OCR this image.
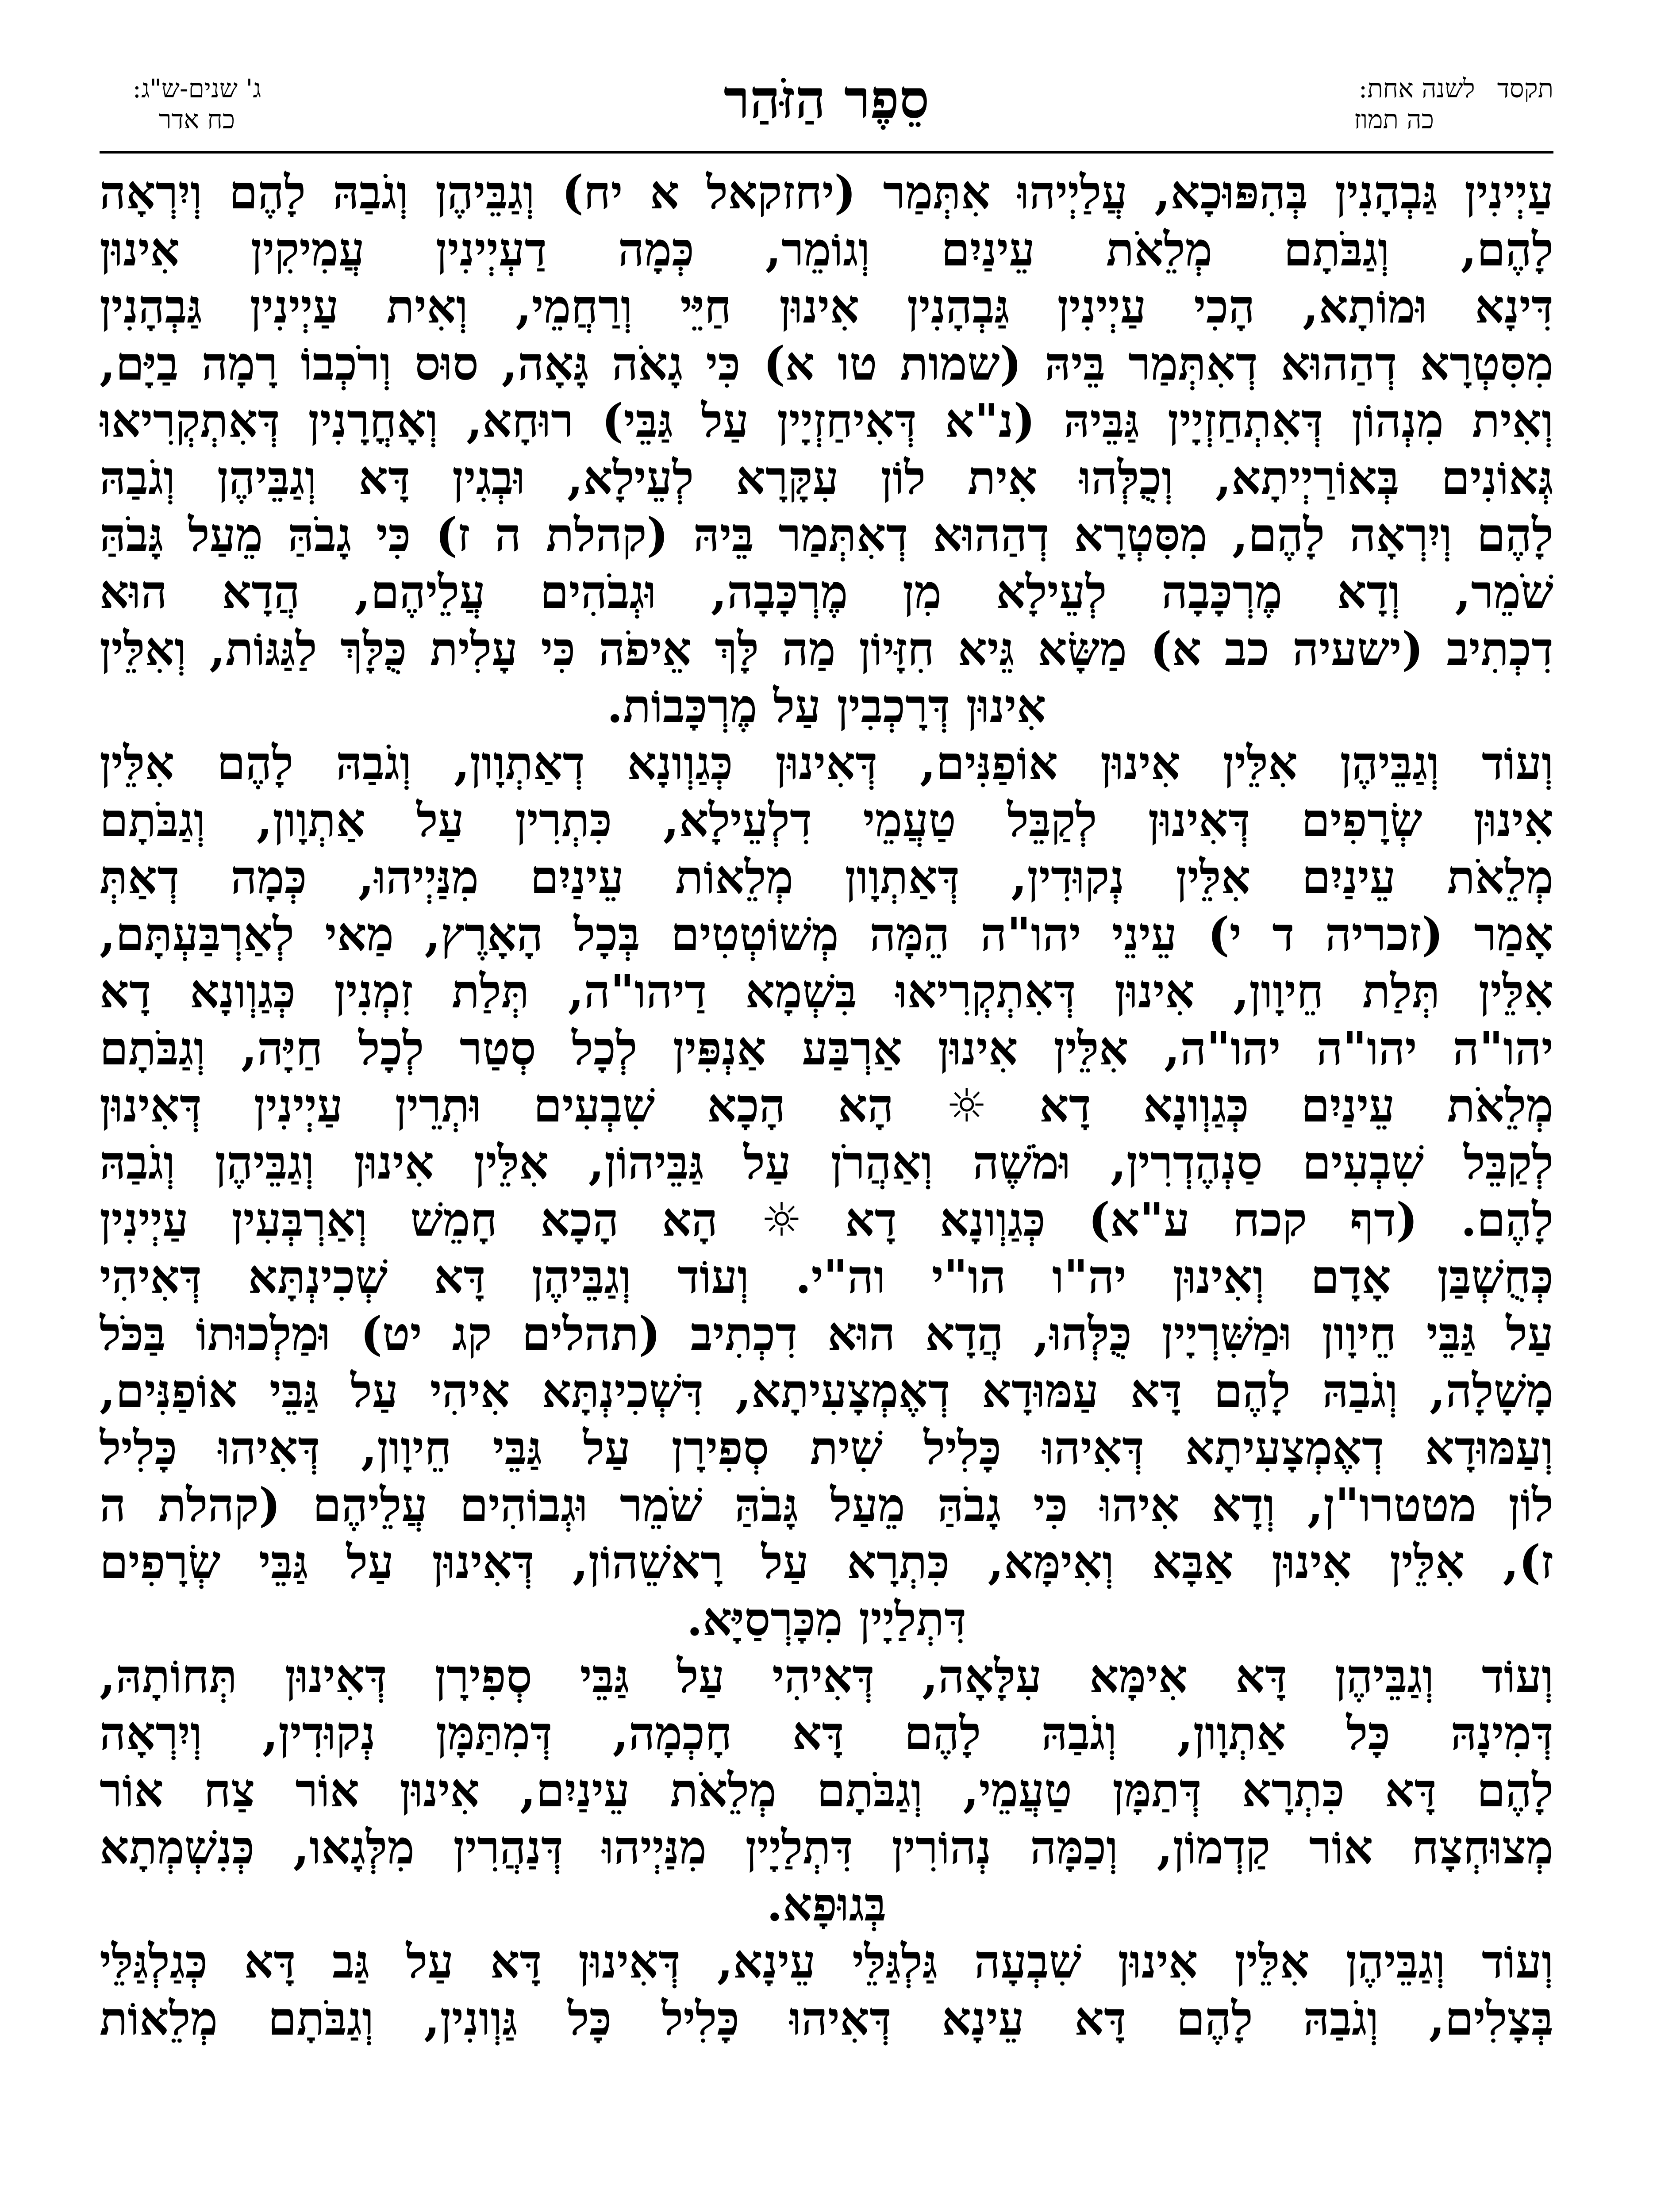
תקסד
לשנה אחת:
כה תמוז
סֵפֶר הַזֹּהַר
ג' שנים-ש"ג:
כח אדר
עַיְינִין גַּבְהָנִין בְּהִפּוּכָא, עֲלַיְיהוּ אִתְּמַר (יחזקאל א יח) וְגַבֵּיהֶן וְגֹבַהּ לָהֶם וְיִרְאָה
לָהֶם, וְגַבֹּתָם מְלֵאֹת עֵינַיִם וְגוֹמֵר, כְּמָה דַעְיְינִין עֲמִיקִין אִינוּן
דִּינָא וּמוֹתָא, הָכִי עַיְינִין גַּבְהָנִין אִינוּן חַיֵּי וְרַחֲמֵי, וְאִית עַיְינִין גַּבְהָנִין
מִסִּטְרָא דְהַהוּא דְאִתְּמַר בֵּיהּ (שמות טו א) כִּי גָאֹה גָּאָה, סוּס וְרֹכְבוֹ רָמָה בַיָּם,
וְאִית מִנְהוֹן דְּאִתְחַזְיָין גַּבֵּיהּ (נ"א דְּאִיחַזְיָין עַל גַּבֵּי) רוּחָא, וְאָחֳרָנִין דְּאִתְקְרִיאוּ
גְּאוֹנִים בְּאוֹרַיְיתָא, וְכֻלְּהוּ אִית לוֹן עִקָּרָא לְעֵילָא, וּבְגִין דָּא וְגַבֵּיהֶן וְגֹבַהּ
לָהֶם וְיִרְאָה לָהֶם, מִסִּטְרָא דְהַהוּא דְאִתְּמַר בֵּיהּ (קהלת ה ז) כִּי גָבֹהַּ מֵעַל גָּבֹהַּ
שֹׁמֵר, וְדָא מֶרְכָּבָה לְעֵילָא מִן מֶרְכָּבָה, וּגְבֹהִים עֲלֵיהֶם, הֲדָא הוּא
דִכְתִיב (ישעיה כב א) מַשָּׂא גֵּיא חִזָּיוֹן מַה לָּךְ אֵיפֹה כִּי עָלִית כֻּלָּךְ לַגַּגּוֹת, וְאִלֵּין
אִינוּן דְּרָכְבִין עַל מֶרְכָּבוֹת.
וְעוֹד וְגַבֵּיהֶן אִלֵּין אִינוּן אוֹפַנִּים, דְּאִינוּן כְּגַוְונָא דְאַתְוָון, וְגֹבַהּ לָהֶם אִלֵּין
אִינוּן שְׂרָפִים דְּאִינוּן לְקַבֵּל טַעֲמֵי דִלְעֵילָא, כִּתְרִין עַל אַתְוָון, וְגַבֹּתָם
מְלֵאֹת עֵינַיִם אִלֵּין נְקוּדִין, דְּאַתְוָון מְלֵאוֹת עֵינַיִם מִנַּיְיהוּ, כְּמָה דְאַתְּ
אָמַר (זכריה ד י) עֵינֵי יהו"ה הֵמָּה מְשׁוֹטְטִים בְּכָל הָאָרֶץ, מַאי לְאַרְבַּעְתָּם,
אִלֵּין תְּלַת חֵיוָון, אִינוּן דְּאִתְקְרִיאוּ בִּשְׁמָא דַיהו"ה, תְּלַת זִמְנִין כְּגַוְונָא דָא
יהו"ה יהו"ה יהו"ה, אִלֵּין אִינוּן אַרְבַּע אַנְפִּין לְכָל סְטַר לְכָל חַיָּה, וְגַבֹּתָם
מְלֵאֹת עֵינַיִם כְּגַוְונָא דָא ☼ הָא הָכָא שִׁבְעִים וּתְרֵין עַיְינִין דְּאִינוּן
לְקַבֵּל שִׁבְעִים סַנְהֶדְרִין, וּמֹשֶׁה וְאַהֲרֹן עַל גַּבֵּיהוֹן, אִלֵּין אִינוּן וְגַבֵּיהֶן וְגֹבַהּ
לָהֶם. (דף קכח ע"א) כְּגַוְונָא דָא ☼ הָא הָכָא חָמֵשׁ וְאַרְבְּעִין עַיְינִין
כְּחֻשְׁבַּן אָדָם וְאִינוּן יה"ו הו"י וה"י. וְעוֹד וְגַבֵּיהֶן דָּא שְׁכִינְתָּא דְּאִיהִי
עַל גַּבֵּי חֵיוָון וּמַשִּׁרְיָין כֻּלְּהוּ, הֲדָא הוּא דִכְתִיב (תהלים קג יט) וּמַלְכוּתוֹ בַּכֹּל
מָשָׁלָה, וְגֹבַהּ לָהֶם דָּא עַמּוּדָא דְאֶמְצָעִיתָא, דִּשְׁכִינְתָּא אִיהִי עַל גַּבֵּי אוֹפַנִּים,
וְעַמּוּדָא דְאֶמְצָעִיתָא דְּאִיהוּ כָּלִיל שִׁית סְפִירָן עַל גַּבֵּי חֵיוָון, דְּאִיהוּ כָּלִיל
לוֹן מטטרו"ן, וְדָא אִיהוּ כִּי גָבֹהַּ מֵעַל גָּבֹהַּ שֹׁמֵר וּגְבוֹהִים עֲלֵיהֶם (קהלת ה
ז), אִלֵּין אִינוּן אַבָּא וְאִימָּא, כִּתְרָא עַל רָאשֵׁהוֹן, דְּאִינוּן עַל גַּבֵּי שְׂרָפִים
דִּתְלַיָין מִכָּרְסַיָּא.
וְעוֹד וְגַבֵּיהֶן דָּא אִימָּא עִלָּאָה, דְּאִיהִי עַל גַּבֵּי סְפִירָן דְּאִינוּן תְּחוֹתָהּ,
דְּמִינָהּ כָּל אַתְוָון, וְגֹבַהּ לָהֶם דָּא חָכְמָה, דְּמִתַּמָּן נְקוּדִין, וְיִרְאָה
לָהֶם דָּא כִּתְרָא דְּתַמָּן טַעֲמֵי, וְגַבֹּתָם מְלֵאֹת עֵינַיִם, אִינוּן אוֹר צַח אוֹר
מְצוּחְצָח אוֹר קַדְמוֹן, וְכַמָּה נְהוֹרִין דִּתְלַיָין מִנַּיְיהוּ דְּנַהֲרִין מִלְּגָאו, כְּנִשְׁמְתָא
בְּגוּפָא.
וְעוֹד וְגַבֵּיהֶן אִלֵּין אִינוּן שִׁבְעָה גַּלְגַּלֵּי עֵינָא, דְּאִינוּן דָּא עַל גַּב דָּא כְּגַלְגַּלֵּי
בְּצָלִים, וְגֹבַהּ לָהֶם דָּא עֵינָא דְּאִיהוּ כָּלִיל כָּל גַּוְונִין, וְגַבֹּתָם מְלֵאוֹת
